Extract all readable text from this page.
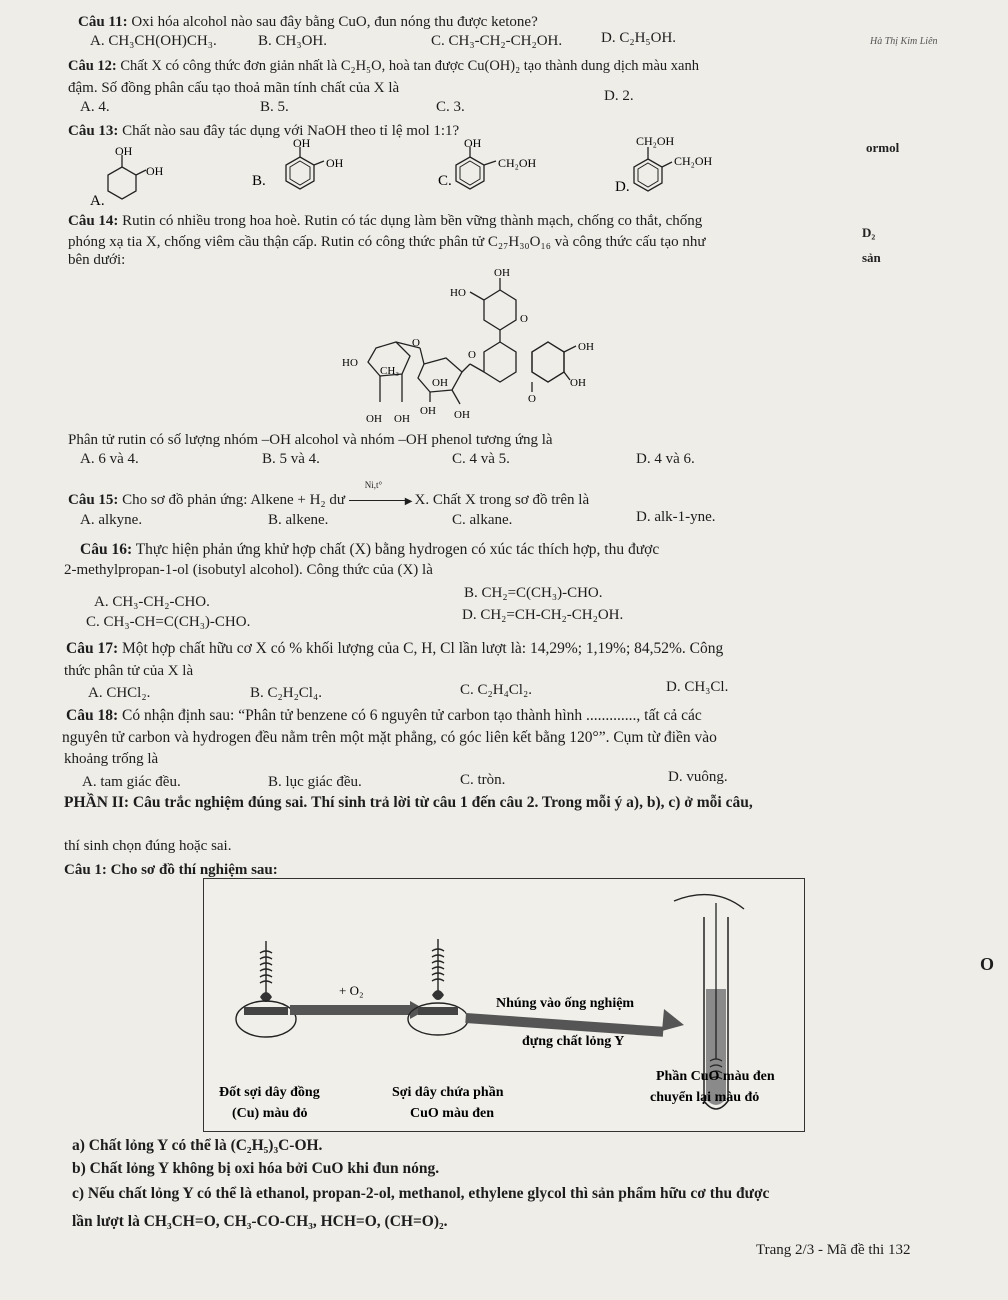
Hà Thị Kim Liên
Câu 11: Oxi hóa alcohol nào sau đây bằng CuO, đun nóng thu được ketone?
A. CH₃CH(OH)CH₃.	B. CH₃OH.	C. CH₃-CH₂-CH₂OH.	D. C₂H₅OH.
Câu 12: Chất X có công thức đơn giản nhất là C₂H₅O, hoà tan được Cu(OH)₂ tạo thành dung dịch màu xanh
đậm. Số đồng phân cấu tạo thoả mãn tính chất của X là
A. 4.	B. 5.	C. 3.
D. 2.
Câu 13: Chất nào sau đây tác dụng với NaOH theo tỉ lệ mol 1:1?
ormol
A.
OH
OH
B.
OH
OH
C.
OH
CH₂OH
D.
CH₂OH
CH₂OH
Câu 14: Rutin có nhiều trong hoa hoè. Rutin có tác dụng làm bền vững thành mạch, chống co thắt, chống
phóng xạ tia X, chống viêm cầu thận cấp. Rutin có công thức phân tử C₂₇H₃₀O₁₆ và công thức cấu tạo như
bên dưới:
D₂
sản
OH
HO
O
OH
OH
O
O
O
HO
CH₃
OH
OH
OH OH	OH
Phân tử rutin có số lượng nhóm –OH alcohol và nhóm –OH phenol tương ứng là
A. 6 và 4.	B. 5 và 4.	C. 4 và 5.	D. 4 và 6.
Câu 15: Cho sơ đồ phản ứng: Alkene + H₂ dư
Ni,t°
▶ X. Chất X trong sơ đồ trên là
A. alkyne.	B. alkene.	C. alkane.	D. alk-1-yne.
Câu 16: Thực hiện phản ứng khử hợp chất (X) bằng hydrogen có xúc tác thích hợp, thu được
2-methylpropan-1-ol (isobutyl alcohol). Công thức của (X) là
A. CH₃-CH₂-CHO.
B. CH₂=C(CH₃)-CHO.
C. CH₃-CH=C(CH₃)-CHO.	D. CH₂=CH-CH₂-CH₂OH.
Câu 17: Một hợp chất hữu cơ X có % khối lượng của C, H, Cl lần lượt là: 14,29%; 1,19%; 84,52%. Công
thức phân tử của X là
A. CHCl₂.	B. C₂H₂Cl₄.	C. C₂H₄Cl₂.	D. CH₃Cl.
Câu 18: Có nhận định sau: “Phân tử benzene có 6 nguyên tử carbon tạo thành hình ............., tất cả các
nguyên tử carbon và hydrogen đều nằm trên một mặt phẳng, có góc liên kết bằng 120°”. Cụm từ điền vào
khoảng trống là
A. tam giác đều.	B. lục giác đều.	C. tròn.	D. vuông.
PHẦN II: Câu trắc nghiệm đúng sai. Thí sinh trả lời từ câu 1 đến câu 2. Trong mỗi ý a), b), c) ở mỗi câu,
thí sinh chọn đúng hoặc sai.
Câu 1: Cho sơ đồ thí nghiệm sau:
+ O₂
Nhúng vào ống nghiệm
đựng chất lỏng Y
Đốt sợi dây đồng
(Cu) màu đỏ
Sợi dây chứa phần
CuO màu đen
Phần CuO màu đen
chuyển lại màu đỏ
O
a) Chất lỏng Y có thể là (C₂H₅)₃C-OH.
b) Chất lỏng Y không bị oxi hóa bởi CuO khi đun nóng.
c) Nếu chất lỏng Y có thể là ethanol, propan-2-ol, methanol, ethylene glycol thì sản phẩm hữu cơ thu được
lần lượt là CH₃CH=O, CH₃-CO-CH₃, HCH=O, (CH=O)₂.
Trang 2/3 - Mã đề thi 132
